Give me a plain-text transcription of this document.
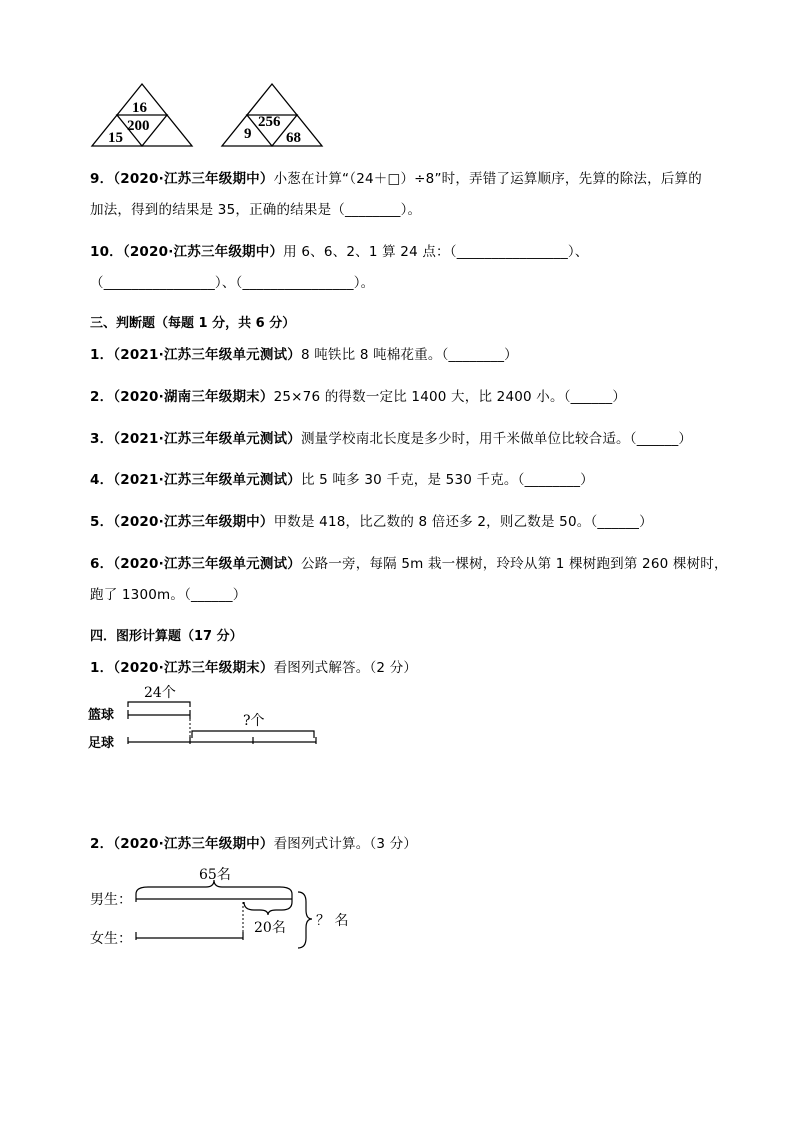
16
200
15
256
9 68
9．（2020·江苏三年级期中）小葱在计算“（24＋□）÷8”时，弄错了运算顺序，先算的除法，后算的
加法，得到的结果是 35，正确的结果是（________）。
10．（2020·江苏三年级期中）用 6、6、2、1 算 24 点：（________________）、
（________________）、（________________）。
三、判断题（每题 1 分，共 6 分）
1．（2021·江苏三年级单元测试）8 吨铁比 8 吨棉花重。（________）
2．（2020·湖南三年级期末）25×76 的得数一定比 1400 大，比 2400 小。（______）
3．（2021·江苏三年级单元测试）测量学校南北长度是多少时，用千米做单位比较合适。（______）
4．（2021·江苏三年级单元测试）比 5 吨多 30 千克，是 530 千克。（________）
5．（2020·江苏三年级期中）甲数是 418，比乙数的 8 倍还多 2，则乙数是 50。（______）
6．（2020·江苏三年级单元测试）公路一旁，每隔 5m 栽一棵树，玲玲从第 1 棵树跑到第 260 棵树时，
跑了 1300m。（______）
四．图形计算题（17 分）
1．（2020·江苏三年级期末）看图列式解答。（2 分）
24个
?个
篮球
足球
2．（2020·江苏三年级期中）看图列式计算。（3 分）
65名
20名 ？ 名
男生：
女生：
